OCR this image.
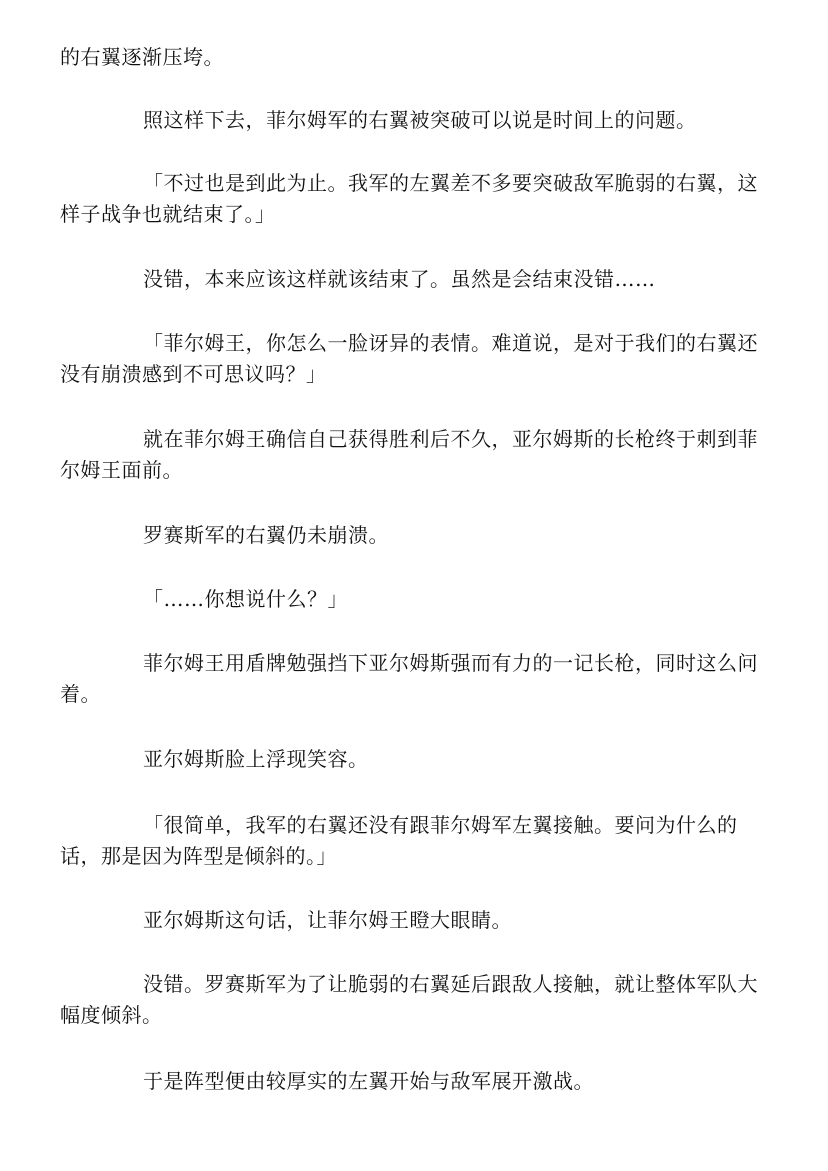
的右翼逐渐压垮。
照这样下去，菲尔姆军的右翼被突破可以说是时间上的问题。
「不过也是到此为止。我军的左翼差不多要突破敌军脆弱的右翼，这
样子战争也就结束了。」
没错，本来应该这样就该结束了。虽然是会结束没错……
「菲尔姆王，你怎么一脸讶异的表情。难道说，是对于我们的右翼还
没有崩溃感到不可思议吗？」
就在菲尔姆王确信自己获得胜利后不久，亚尔姆斯的长枪终于刺到菲
尔姆王面前。
罗赛斯军的右翼仍未崩溃。
「……你想说什么？」
菲尔姆王用盾牌勉强挡下亚尔姆斯强而有力的一记长枪，同时这么问
着。
亚尔姆斯脸上浮现笑容。
「很简单，我军的右翼还没有跟菲尔姆军左翼接触。要问为什么的
话，那是因为阵型是倾斜的。」
亚尔姆斯这句话，让菲尔姆王瞪大眼睛。
没错。罗赛斯军为了让脆弱的右翼延后跟敌人接触，就让整体军队大
幅度倾斜。
于是阵型便由较厚实的左翼开始与敌军展开激战。
